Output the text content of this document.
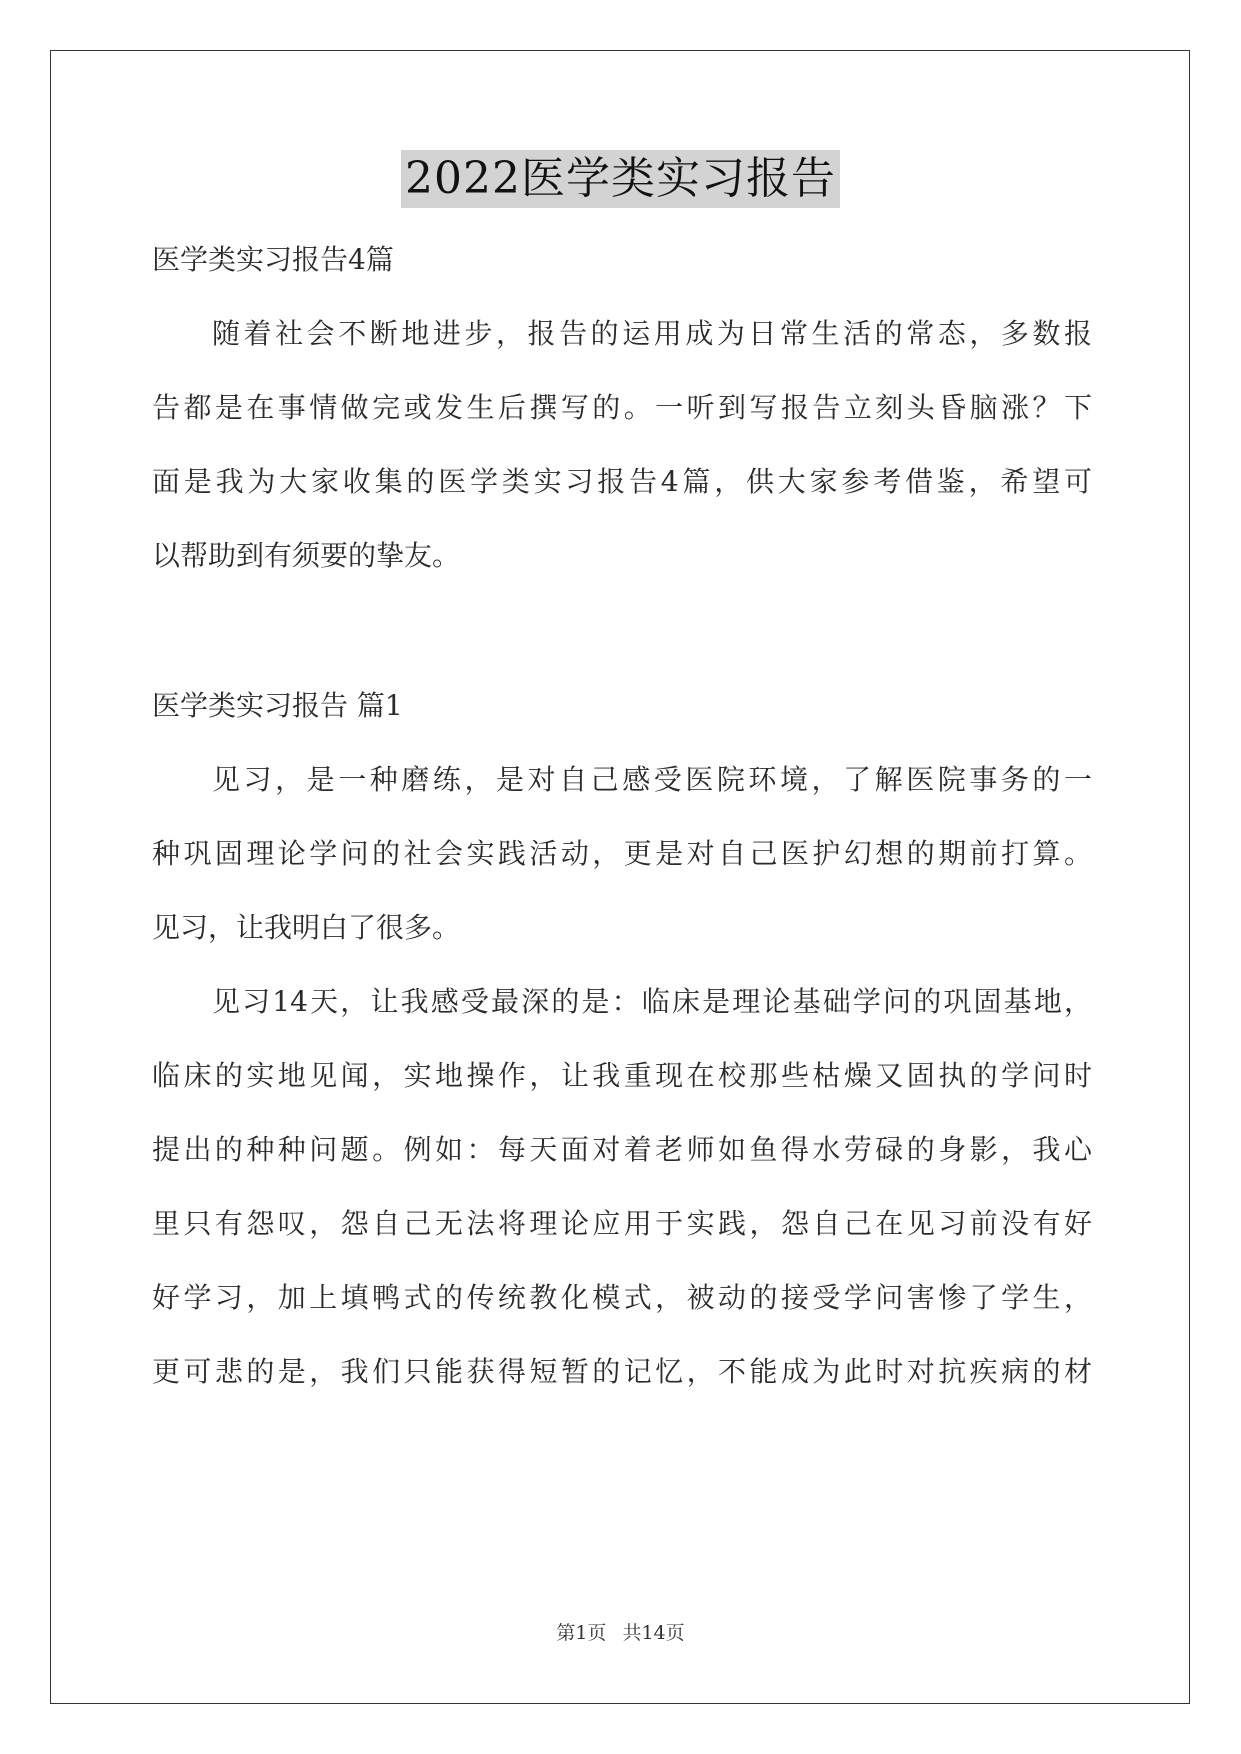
2022医学类实习报告
医学类实习报告4篇
随着社会不断地进步，报告的运用成为日常生活的常态，多数报
告都是在事情做完或发生后撰写的。一听到写报告立刻头昏脑涨？下
面是我为大家收集的医学类实习报告4篇，供大家参考借鉴，希望可
以帮助到有须要的挚友。
医学类实习报告 篇1
见习，是一种磨练，是对自己感受医院环境，了解医院事务的一
种巩固理论学问的社会实践活动，更是对自己医护幻想的期前打算。
见习，让我明白了很多。
见习14天，让我感受最深的是：临床是理论基础学问的巩固基地，
临床的实地见闻，实地操作，让我重现在校那些枯燥又固执的学问时
提出的种种问题。例如：每天面对着老师如鱼得水劳碌的身影，我心
里只有怨叹，怨自己无法将理论应用于实践，怨自己在见习前没有好
好学习，加上填鸭式的传统教化模式，被动的接受学问害惨了学生，
更可悲的是，我们只能获得短暂的记忆，不能成为此时对抗疾病的材
第1页 共14页
